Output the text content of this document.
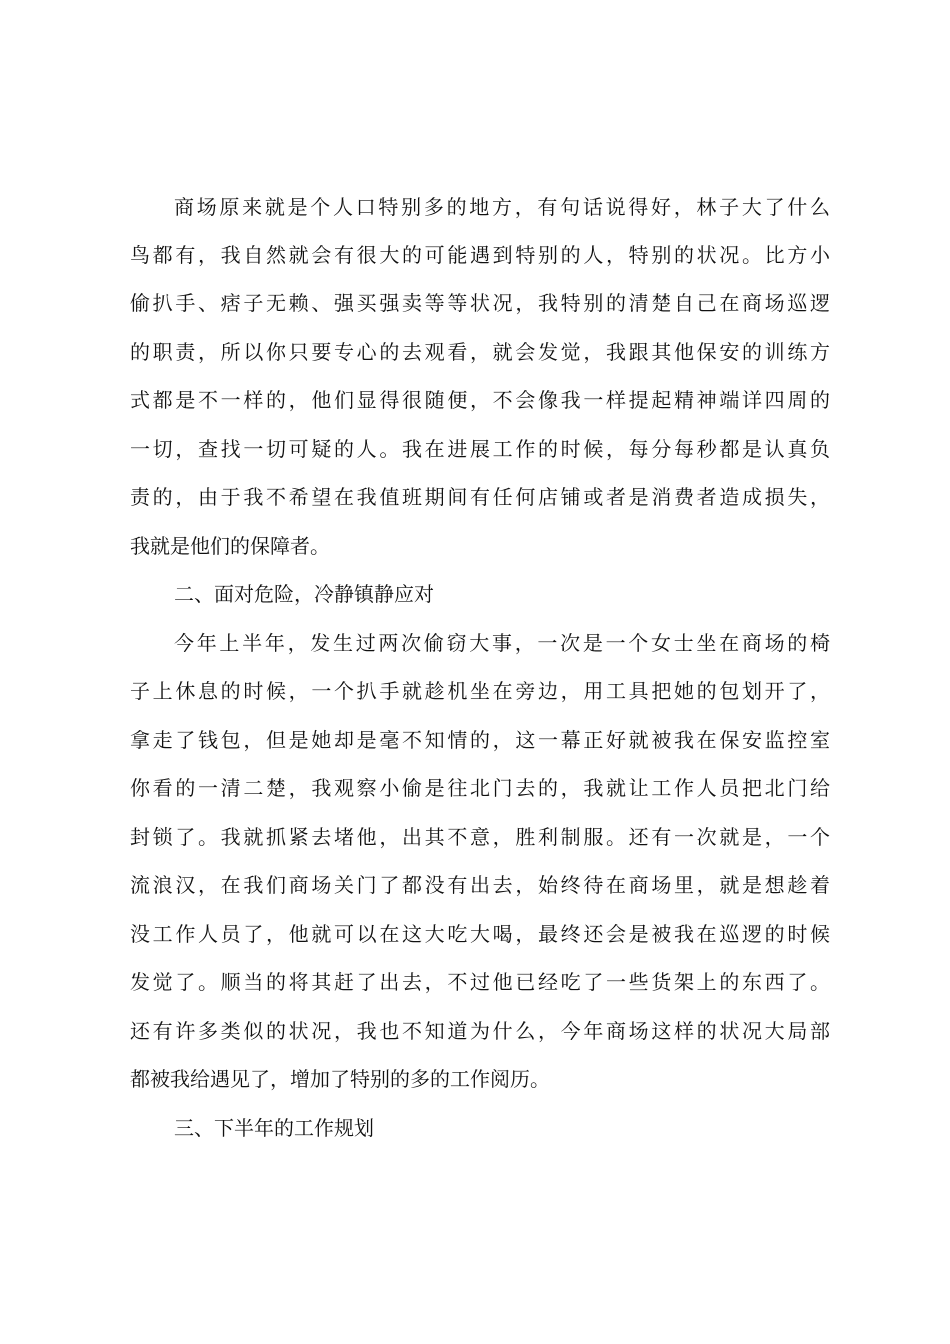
商场原来就是个人口特别多的地方，有句话说得好，林子大了什么
鸟都有，我自然就会有很大的可能遇到特别的人，特别的状况。比方小
偷扒手、痞子无赖、强买强卖等等状况，我特别的清楚自己在商场巡逻
的职责，所以你只要专心的去观看，就会发觉，我跟其他保安的训练方
式都是不一样的，他们显得很随便，不会像我一样提起精神端详四周的
一切，查找一切可疑的人。我在进展工作的时候，每分每秒都是认真负
责的，由于我不希望在我值班期间有任何店铺或者是消费者造成损失，
我就是他们的保障者。
二、面对危险，冷静镇静应对
今年上半年，发生过两次偷窃大事，一次是一个女士坐在商场的椅
子上休息的时候，一个扒手就趁机坐在旁边，用工具把她的包划开了，
拿走了钱包，但是她却是毫不知情的，这一幕正好就被我在保安监控室
你看的一清二楚，我观察小偷是往北门去的，我就让工作人员把北门给
封锁了。我就抓紧去堵他，出其不意，胜利制服。还有一次就是，一个
流浪汉，在我们商场关门了都没有出去，始终待在商场里，就是想趁着
没工作人员了，他就可以在这大吃大喝，最终还会是被我在巡逻的时候
发觉了。顺当的将其赶了出去，不过他已经吃了一些货架上的东西了。
还有许多类似的状况，我也不知道为什么，今年商场这样的状况大局部
都被我给遇见了，增加了特别的多的工作阅历。
三、下半年的工作规划
